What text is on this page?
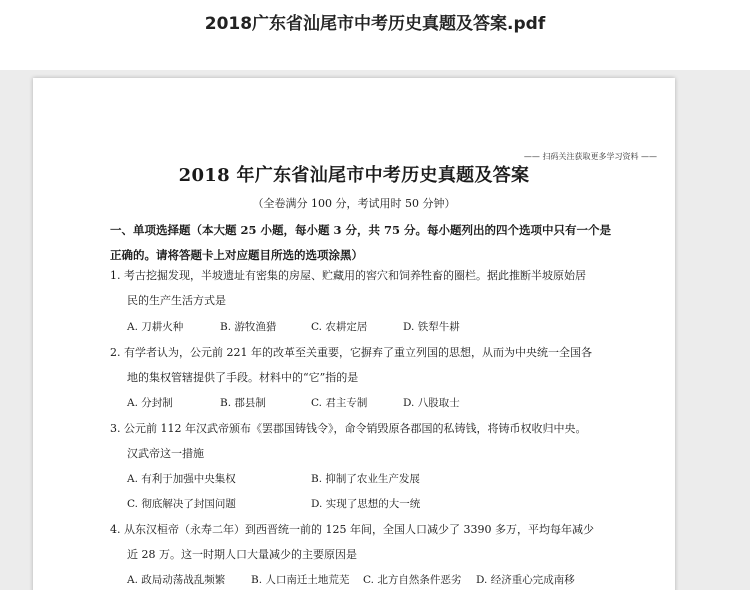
2018广东省汕尾市中考历史真题及答案.pdf
—— 扫码关注获取更多学习资料 ——
2018 年广东省汕尾市中考历史真题及答案
（全卷满分 100 分，考试用时 50 分钟）
一、单项选择题（本大题 25 小题，每小题 3 分，共 75 分。每小题列出的四个选项中只有一个是正确的。请将答题卡上对应题目所选的选项涂黑）
1. 考古挖掘发现，半坡遗址有密集的房屋、贮藏用的窖穴和饲养牲畜的圈栏。据此推断半坡原始居
民的生产生活方式是
A. 刀耕火种	B. 游牧渔猎	C. 农耕定居	D. 铁犁牛耕
2. 有学者认为，公元前 221 年的改革至关重要，它摒弃了重立列国的思想，从而为中央统一全国各
地的集权管辖提供了手段。材料中的“它”指的是
A. 分封制	B. 郡县制	C. 君主专制	D. 八股取士
3. 公元前 112 年汉武帝颁布《罢郡国铸钱令》，命令销毁原各郡国的私铸钱，将铸币权收归中央。
汉武帝这一措施
A. 有利于加强中央集权	B. 抑制了农业生产发展
C. 彻底解决了封国问题	D. 实现了思想的大一统
4. 从东汉桓帝（永寿二年）到西晋统一前的 125 年间，全国人口减少了 3390 多万，平均每年减少
近 28 万。这一时期人口大量减少的主要原因是
A. 政局动荡战乱频繁 B. 人口南迁土地荒芜 C. 北方自然条件恶劣 D. 经济重心完成南移
